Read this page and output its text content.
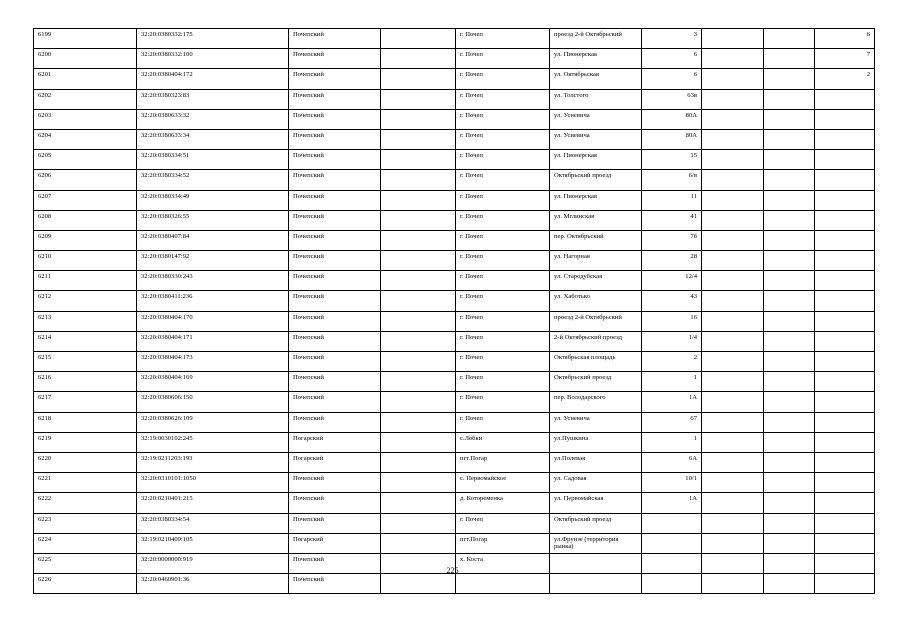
6199	32:20:0380332:175	Почепский		г. Почеп	проезд 2-й Октябрьский	3			6
6200	32:20:0380332:100	Почепский		г. Почеп	ул. Пионерская	6			7
6201	32:20:0380404:172	Почепский		г. Почеп	ул. Октябрьская	6			2
6202	32:20:0380323:83	Почепский		г. Почеп	ул. Толстого	63в			
6203	32:20:0380633:32	Почепский		г. Почеп	ул. Усиевича	80А			
6204	32:20:0380633:34	Почепский		г. Почеп	ул. Усиевича	80А			
6205	32:20:0380334:51	Почепский		г. Почеп	ул. Пионерская	15			
6206	32:20:0380334:52	Почепский		г. Почеп	Октябрьский проезд	6/в			
6207	32:20:0380334:49	Почепский		г. Почеп	ул. Пионерская	11			
6208	32:20:0380326:55	Почепский		г. Почеп	ул. Мглинская	41			
6209	32:20:0380407:84	Почепский		г. Почеп	пер. Октябрьский	7б			
6210	32:20:0380147:92	Почепский		г. Почеп	ул. Нагорная	28			
6211	32:20:0380330:243	Почепский		г. Почеп	ул. Стародубская	12/4			
6212	32:20:0380411:236	Почепский		г. Почеп	ул. Хаботько	43			
6213	32:20:0380404:170	Почепский		г. Почеп	проезд 2-й Октябрьский	16			
6214	32:20:0380404:171	Почепский		г. Почеп	2-й Октябрьский проезд	1/4			
6215	32:20:0380404:173	Почепский		г. Почеп	Октябрьская площадь	2			
6216	32:20:0380404:169	Почепский		г. Почеп	Октябрьский проезд	1			
6217	32:20:0380606:150	Почепский		г. Почеп	пер. Володарского	1А			
6218	32:20:0380626:109	Почепский		г. Почеп	ул. Усиевича	67			
6219	32:19:0030102:245	Погарский		с.Лобки	ул.Пушкина	1			
6220	32:19:0211203:193	Погарский		пгт.Погар	ул.Полевая	6А			
6221	32:20:0310101:1050	Почепский		с. Первомайское	ул. Садовая	10/1			
6222	32:20:0210401:215	Почепский		д. Котоременка	ул. Первомайская	1А			
6223	32:20:0380334:54	Почепский		г. Почеп	Октябрьский проезд				
6224	32:19:0210409:105	Погарский		пгт.Погар	ул.Фрунзе (территория рынка)				
6225	32:20:0000000:919	Почепский		х. Коста					
6226	32:20:0460901:36	Почепский							
225
